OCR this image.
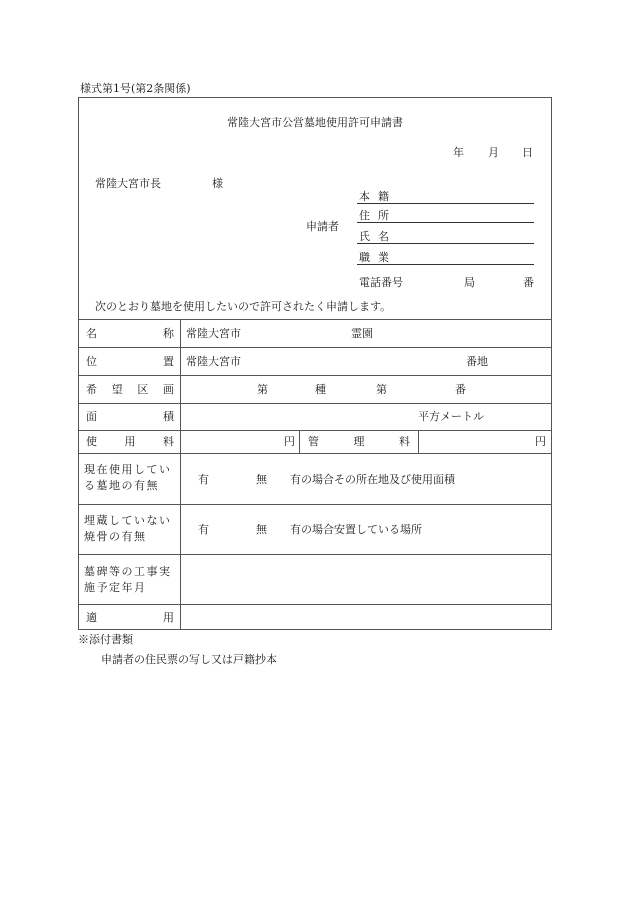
様式第1号(第2条関係)
常陸大宮市公営墓地使用許可申請書
年 月 日
常陸大宮市長	様
申請者
本 籍
住 所
氏 名
職 業
電話番号	局	番
次のとおり墓地を使用したいので許可されたく申請します。
名	称 常陸大宮市	霊園
位	置 常陸大宮市	番地
希 望 区 画	第	種	第	番
面	積	平方メートル
使	用	料	円 管	理	料	円
現在使用してい
る墓地の有無	有	無 有の場合その所在地及び使用面積
埋蔵していない
焼骨の有無
有	無 有の場合安置している場所
墓碑等の工事実
施予定年月
適	用
※添付書類
申請者の住民票の写し又は戸籍抄本
